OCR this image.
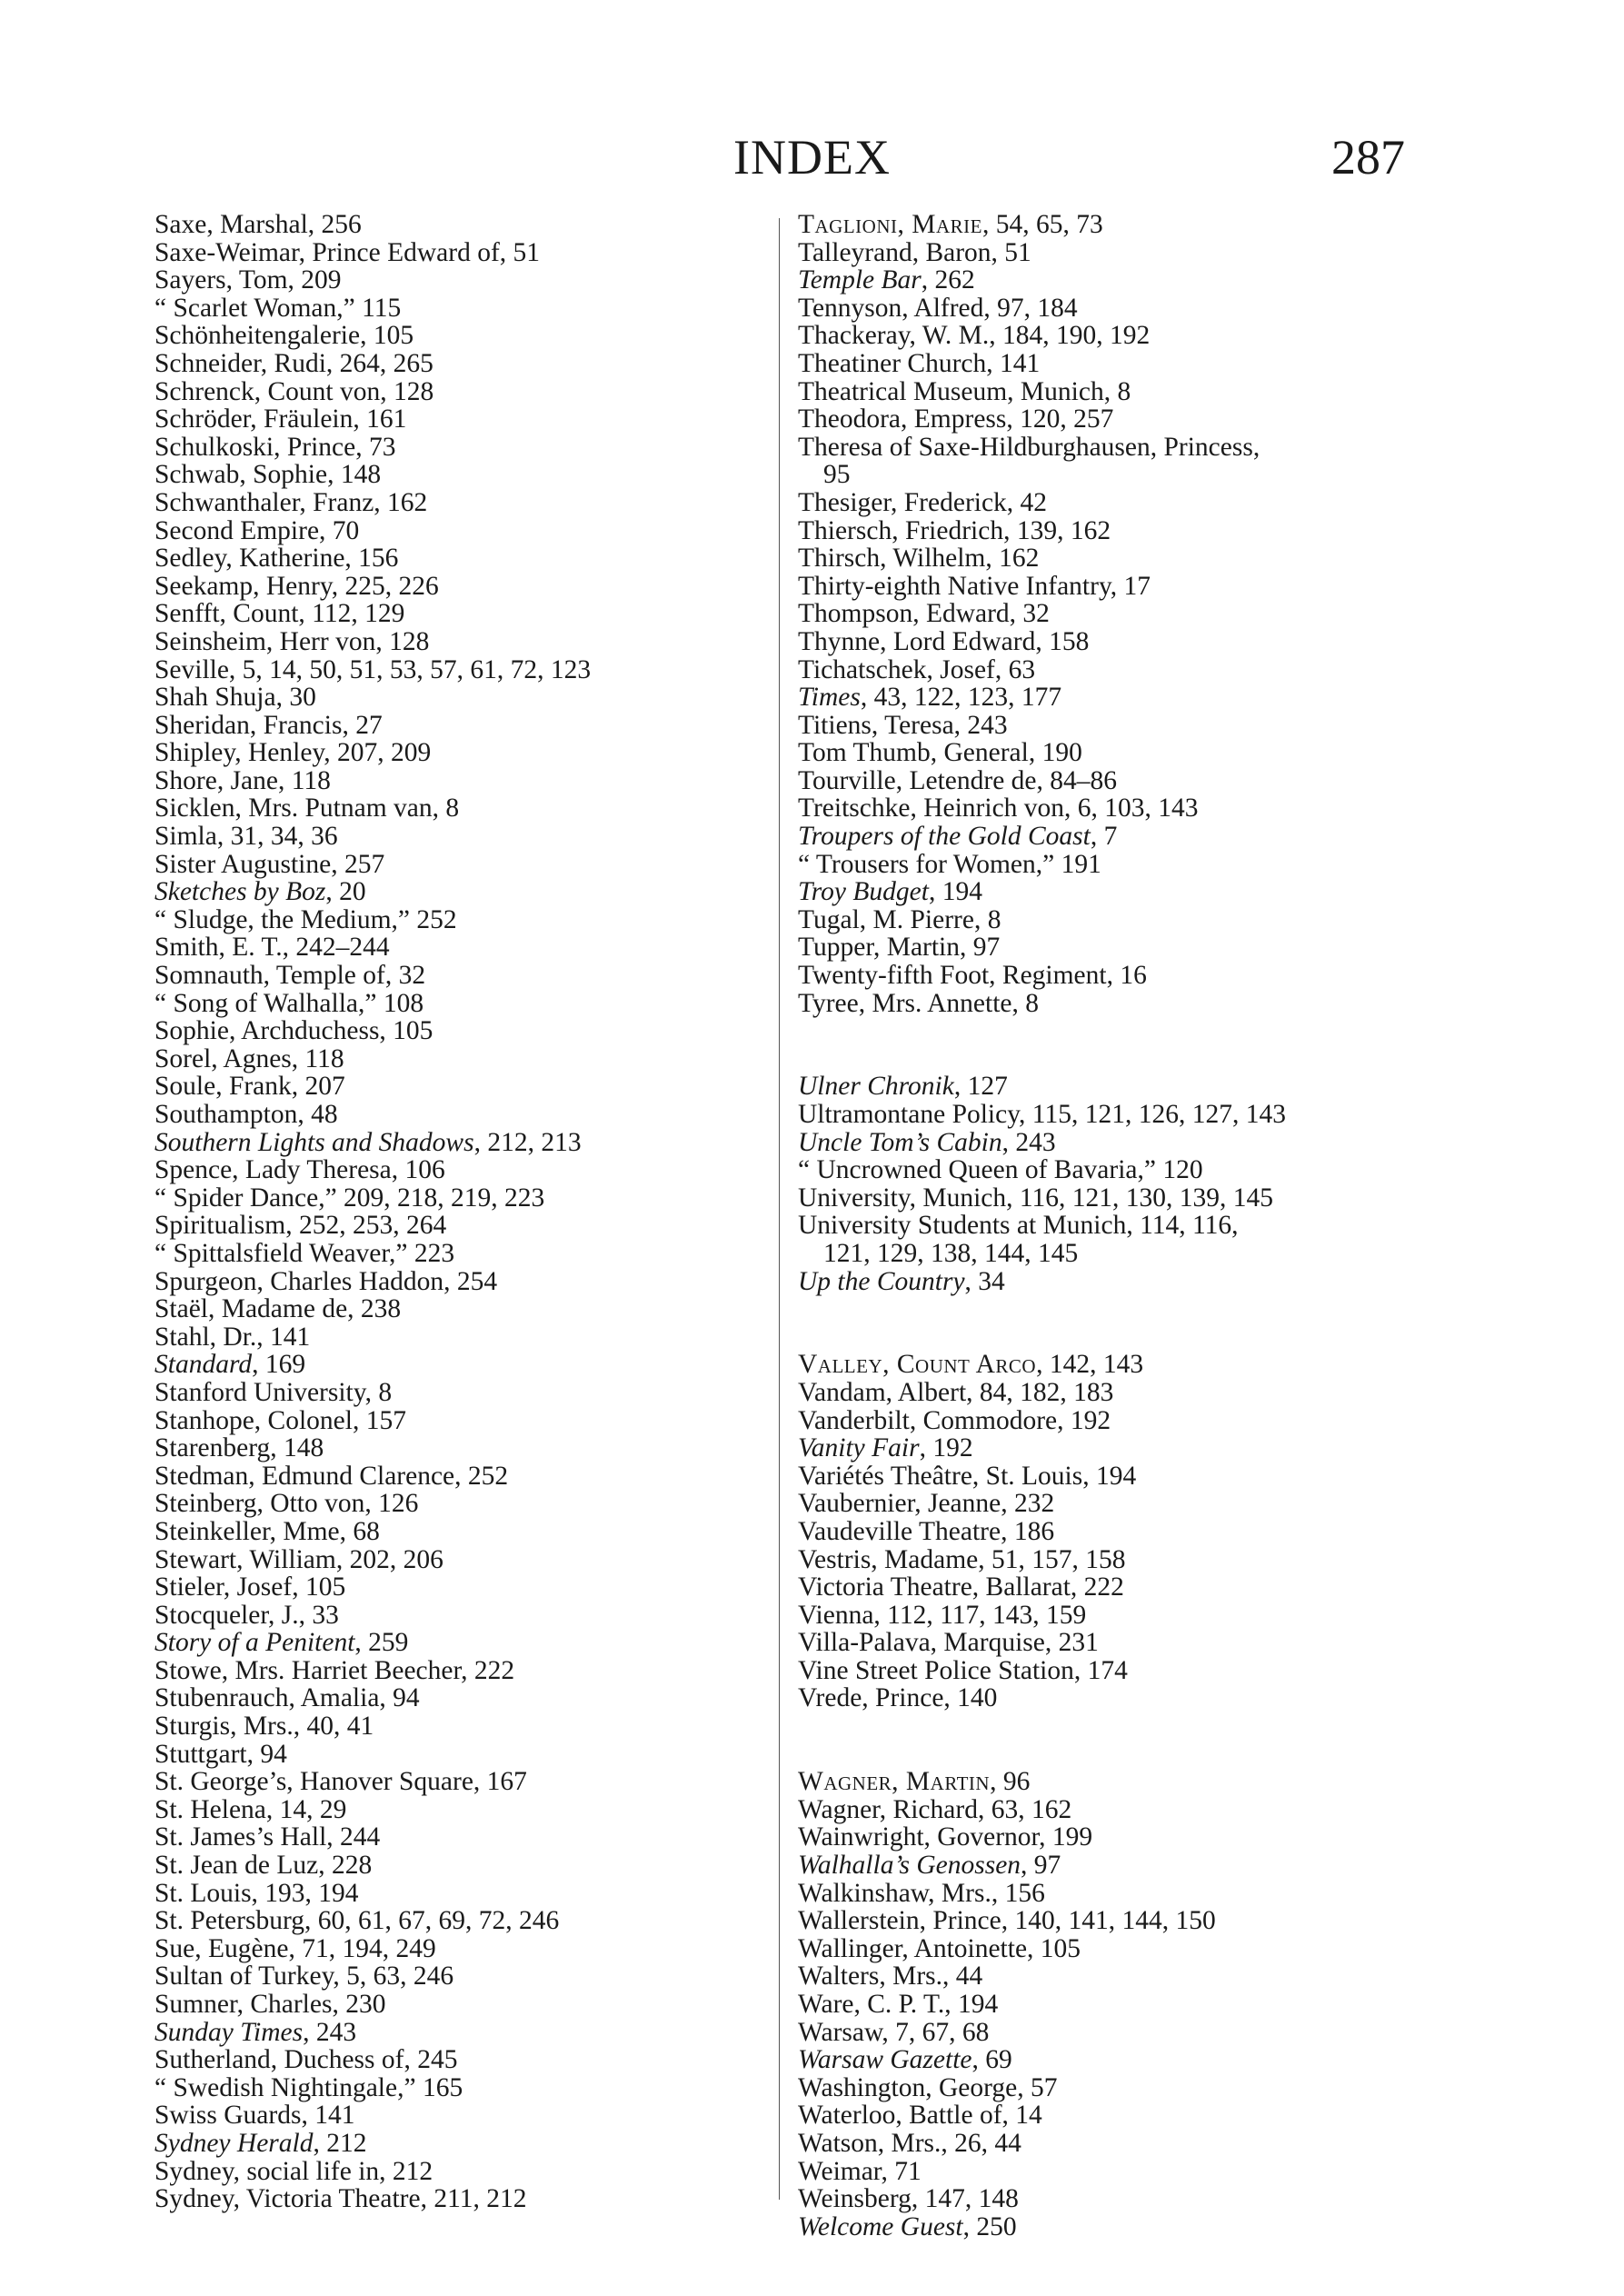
INDEX	287
Saxe, Marshal, 256
Saxe-Weimar, Prince Edward of, 51
Sayers, Tom, 209
“ Scarlet Woman,” 115
Schönheitengalerie, 105
Schneider, Rudi, 264, 265
Schrenck, Count von, 128
Schröder, Fräulein, 161
Schulkoski, Prince, 73
Schwab, Sophie, 148
Schwanthaler, Franz, 162
Second Empire, 70
Sedley, Katherine, 156
Seekamp, Henry, 225, 226
Senfft, Count, 112, 129
Seinsheim, Herr von, 128
Seville, 5, 14, 50, 51, 53, 57, 61, 72, 123
Shah Shuja, 30
Sheridan, Francis, 27
Shipley, Henley, 207, 209
Shore, Jane, 118
Sicklen, Mrs. Putnam van, 8
Simla, 31, 34, 36
Sister Augustine, 257
Sketches by Boz, 20
“ Sludge, the Medium,” 252
Smith, E. T., 242–244
Somnauth, Temple of, 32
“ Song of Walhalla,” 108
Sophie, Archduchess, 105
Sorel, Agnes, 118
Soule, Frank, 207
Southampton, 48
Southern Lights and Shadows, 212, 213
Spence, Lady Theresa, 106
“ Spider Dance,” 209, 218, 219, 223
Spiritualism, 252, 253, 264
“ Spittalsfield Weaver,” 223
Spurgeon, Charles Haddon, 254
Staël, Madame de, 238
Stahl, Dr., 141
Standard, 169
Stanford University, 8
Stanhope, Colonel, 157
Starenberg, 148
Stedman, Edmund Clarence, 252
Steinberg, Otto von, 126
Steinkeller, Mme, 68
Stewart, William, 202, 206
Stieler, Josef, 105
Stocqueler, J., 33
Story of a Penitent, 259
Stowe, Mrs. Harriet Beecher, 222
Stubenrauch, Amalia, 94
Sturgis, Mrs., 40, 41
Stuttgart, 94
St. George’s, Hanover Square, 167
St. Helena, 14, 29
St. James’s Hall, 244
St. Jean de Luz, 228
St. Louis, 193, 194
St. Petersburg, 60, 61, 67, 69, 72, 246
Sue, Eugène, 71, 194, 249
Sultan of Turkey, 5, 63, 246
Sumner, Charles, 230
Sunday Times, 243
Sutherland, Duchess of, 245
“ Swedish Nightingale,” 165
Swiss Guards, 141
Sydney Herald, 212
Sydney, social life in, 212
Sydney, Victoria Theatre, 211, 212
Taglioni, Marie, 54, 65, 73
Talleyrand, Baron, 51
Temple Bar, 262
Tennyson, Alfred, 97, 184
Thackeray, W. M., 184, 190, 192
Theatiner Church, 141
Theatrical Museum, Munich, 8
Theodora, Empress, 120, 257
Theresa of Saxe-Hildburghausen, Princess,
95
Thesiger, Frederick, 42
Thiersch, Friedrich, 139, 162
Thirsch, Wilhelm, 162
Thirty-eighth Native Infantry, 17
Thompson, Edward, 32
Thynne, Lord Edward, 158
Tichatschek, Josef, 63
Times, 43, 122, 123, 177
Titiens, Teresa, 243
Tom Thumb, General, 190
Tourville, Letendre de, 84–86
Treitschke, Heinrich von, 6, 103, 143
Troupers of the Gold Coast, 7
“ Trousers for Women,” 191
Troy Budget, 194
Tugal, M. Pierre, 8
Tupper, Martin, 97
Twenty-fifth Foot, Regiment, 16
Tyree, Mrs. Annette, 8
Ulner Chronik, 127
Ultramontane Policy, 115, 121, 126, 127, 143
Uncle Tom’s Cabin, 243
“ Uncrowned Queen of Bavaria,” 120
University, Munich, 116, 121, 130, 139, 145
University Students at Munich, 114, 116,
121, 129, 138, 144, 145
Up the Country, 34
Valley, Count Arco, 142, 143
Vandam, Albert, 84, 182, 183
Vanderbilt, Commodore, 192
Vanity Fair, 192
Variétés Theâtre, St. Louis, 194
Vaubernier, Jeanne, 232
Vaudeville Theatre, 186
Vestris, Madame, 51, 157, 158
Victoria Theatre, Ballarat, 222
Vienna, 112, 117, 143, 159
Villa-Palava, Marquise, 231
Vine Street Police Station, 174
Vrede, Prince, 140
Wagner, Martin, 96
Wagner, Richard, 63, 162
Wainwright, Governor, 199
Walhalla’s Genossen, 97
Walkinshaw, Mrs., 156
Wallerstein, Prince, 140, 141, 144, 150
Wallinger, Antoinette, 105
Walters, Mrs., 44
Ware, C. P. T., 194
Warsaw, 7, 67, 68
Warsaw Gazette, 69
Washington, George, 57
Waterloo, Battle of, 14
Watson, Mrs., 26, 44
Weimar, 71
Weinsberg, 147, 148
Welcome Guest, 250
